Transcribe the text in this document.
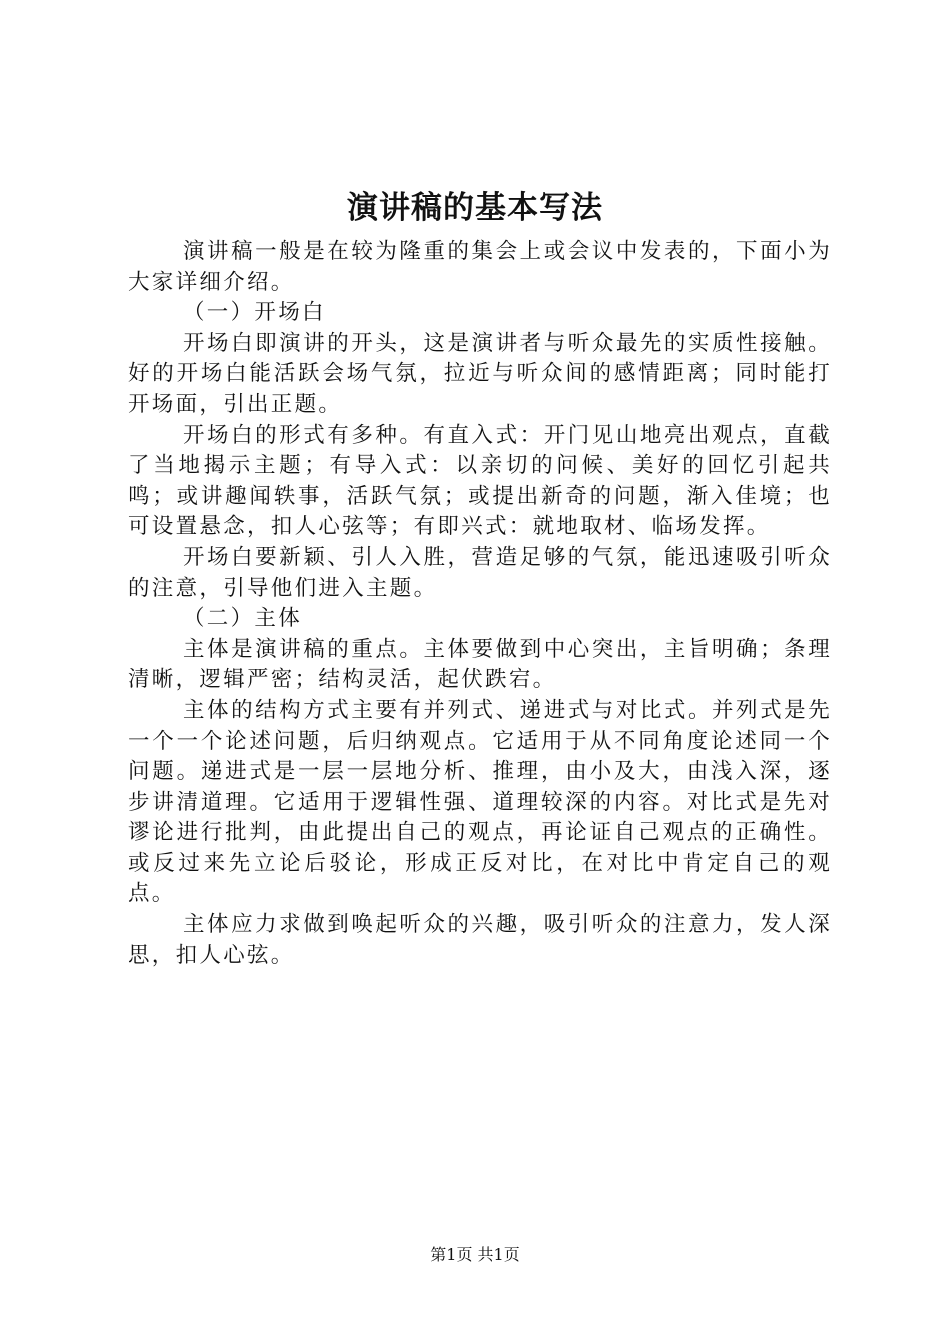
演讲稿的基本写法

演讲稿一般是在较为隆重的集会上或会议中发表的，下面小为大家详细介绍。

（一）开场白

开场白即演讲的开头，这是演讲者与听众最先的实质性接触。好的开场白能活跃会场气氛，拉近与听众间的感情距离；同时能打开场面，引出正题。

开场白的形式有多种。有直入式：开门见山地亮出观点，直截了当地揭示主题；有导入式：以亲切的问候、美好的回忆引起共鸣；或讲趣闻轶事，活跃气氛；或提出新奇的问题，渐入佳境；也可设置悬念，扣人心弦等；有即兴式：就地取材、临场发挥。

开场白要新颖、引人入胜，营造足够的气氛，能迅速吸引听众的注意，引导他们进入主题。

（二）主体

主体是演讲稿的重点。主体要做到中心突出，主旨明确；条理清晰，逻辑严密；结构灵活，起伏跌宕。

主体的结构方式主要有并列式、递进式与对比式。并列式是先一个一个论述问题，后归纳观点。它适用于从不同角度论述同一个问题。递进式是一层一层地分析、推理，由小及大，由浅入深，逐步讲清道理。它适用于逻辑性强、道理较深的内容。对比式是先对谬论进行批判，由此提出自己的观点，再论证自己观点的正确性。或反过来先立论后驳论，形成正反对比，在对比中肯定自己的观点。

主体应力求做到唤起听众的兴趣，吸引听众的注意力，发人深思，扣人心弦。

第1页 共1页
